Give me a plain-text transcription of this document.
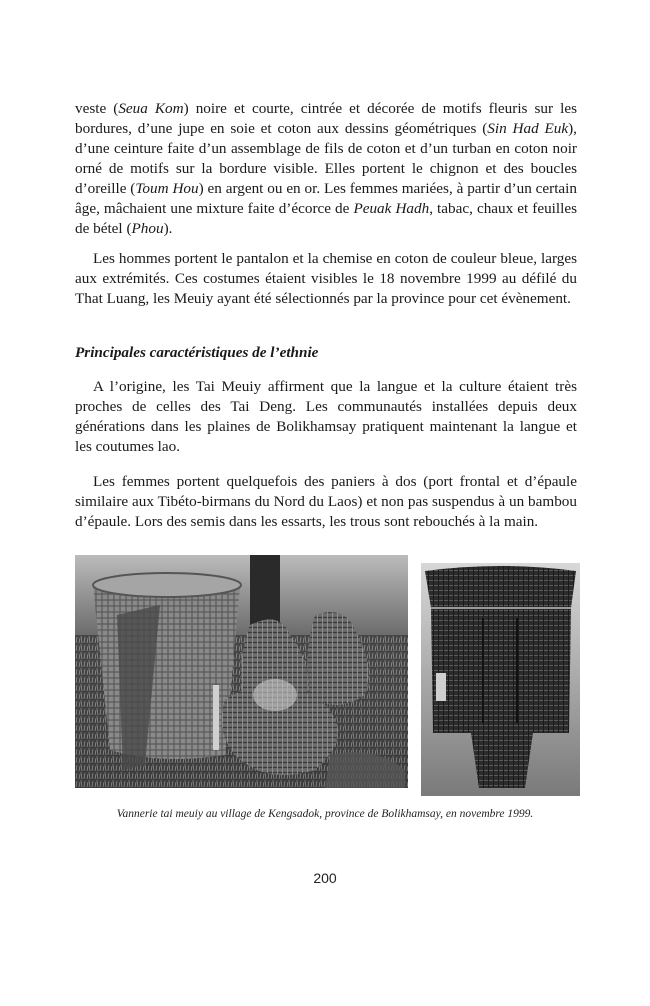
veste (Seua Kom) noire et courte, cintrée et décorée de motifs fleuris sur les bordures, d’une jupe en soie et coton aux dessins géométriques (Sin Had Euk), d’une ceinture faite d’un assemblage de fils de coton et d’un turban en coton noir orné de motifs sur la bordure visible. Elles portent le chignon et des boucles d’oreille (Toum Hou) en argent ou en or. Les femmes mariées, à partir d’un certain âge, mâchaient une mixture faite d’écorce de Peuak Hadh, tabac, chaux et feuilles de bétel (Phou).

Les hommes portent le pantalon et la chemise en coton de couleur bleue, larges aux extrémités. Ces costumes étaient visibles le 18 novembre 1999 au défilé du That Luang, les Meuiy ayant été sélectionnés par la province pour cet évènement.

Principales caractéristiques de l’ethnie

A l’origine, les Tai Meuiy affirment que la langue et la culture étaient très proches de celles des Tai Deng. Les communautés installées depuis deux générations dans les plaines de Bolikhamsay pratiquent maintenant la langue et les coutumes lao.

Les femmes portent quelquefois des paniers à dos (port frontal et d’épaule similaire aux Tibéto-birmans du Nord du Laos) et non pas suspendus à un bambou d’épaule. Lors des semis dans les essarts, les trous sont rebouchés à la main.

Vannerie tai meuiy au village de Kengsadok, province de Bolikhamsay, en novembre 1999.
200
